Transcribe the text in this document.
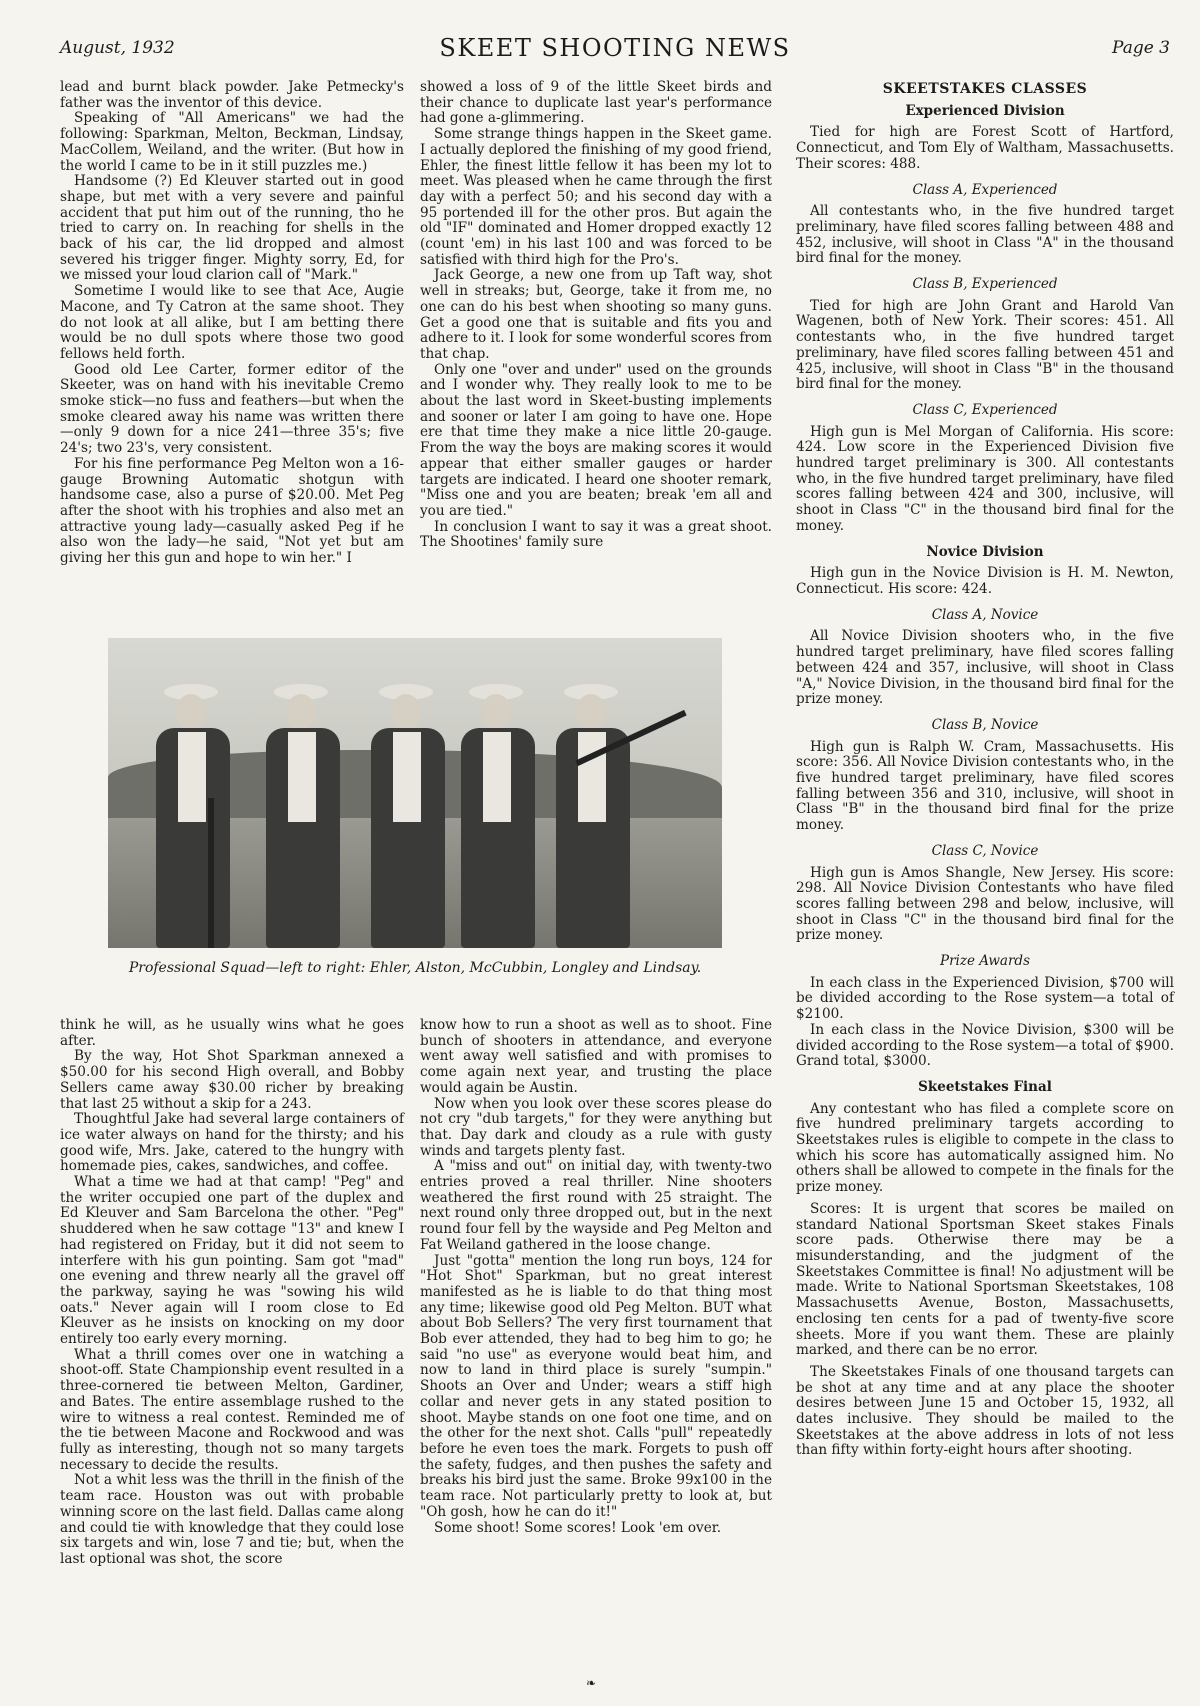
August, 1932	SKEET SHOOTING NEWS	Page 3

lead and burnt black powder. Jake Petmecky's father was the inventor of this device.

Speaking of "All Americans" we had the following: Sparkman, Melton, Beckman, Lindsay, MacCollem, Weiland, and the writer. (But how in the world I came to be in it still puzzles me.)

Handsome (?) Ed Kleuver started out in good shape, but met with a very severe and painful accident that put him out of the running, tho he tried to carry on. In reaching for shells in the back of his car, the lid dropped and almost severed his trigger finger. Mighty sorry, Ed, for we missed your loud clarion call of "Mark."

Sometime I would like to see that Ace, Augie Macone, and Ty Catron at the same shoot. They do not look at all alike, but I am betting there would be no dull spots where those two good fellows held forth.

Good old Lee Carter, former editor of the Skeeter, was on hand with his inevitable Cremo smoke stick—no fuss and feathers—but when the smoke cleared away his name was written there—only 9 down for a nice 241—three 35's; five 24's; two 23's, very consistent.

For his fine performance Peg Melton won a 16-gauge Browning Automatic shotgun with handsome case, also a purse of $20.00. Met Peg after the shoot with his trophies and also met an attractive young lady—casually asked Peg if he also won the lady—he said, "Not yet but am giving her this gun and hope to win her." I

showed a loss of 9 of the little Skeet birds and their chance to duplicate last year's performance had gone a-glimmering.

Some strange things happen in the Skeet game. I actually deplored the finishing of my good friend, Ehler, the finest little fellow it has been my lot to meet. Was pleased when he came through the first day with a perfect 50; and his second day with a 95 portended ill for the other pros. But again the old "IF" dominated and Homer dropped exactly 12 (count 'em) in his last 100 and was forced to be satisfied with third high for the Pro's.

Jack George, a new one from up Taft way, shot well in streaks; but, George, take it from me, no one can do his best when shooting so many guns. Get a good one that is suitable and fits you and adhere to it. I look for some wonderful scores from that chap.

Only one "over and under" used on the grounds and I wonder why. They really look to me to be about the last word in Skeet-busting implements and sooner or later I am going to have one. Hope ere that time they make a nice little 20-gauge. From the way the boys are making scores it would appear that either smaller gauges or harder targets are indicated. I heard one shooter remark, "Miss one and you are beaten; break 'em all and you are tied."

In conclusion I want to say it was a great shoot. The Shootines' family sure

Professional Squad—left to right: Ehler, Alston, McCubbin, Longley and Lindsay.

think he will, as he usually wins what he goes after.

By the way, Hot Shot Sparkman annexed a $50.00 for his second High overall, and Bobby Sellers came away $30.00 richer by breaking that last 25 without a skip for a 243.

Thoughtful Jake had several large containers of ice water always on hand for the thirsty; and his good wife, Mrs. Jake, catered to the hungry with homemade pies, cakes, sandwiches, and coffee.

What a time we had at that camp! "Peg" and the writer occupied one part of the duplex and Ed Kleuver and Sam Barcelona the other. "Peg" shuddered when he saw cottage "13" and knew I had registered on Friday, but it did not seem to interfere with his gun pointing. Sam got "mad" one evening and threw nearly all the gravel off the parkway, saying he was "sowing his wild oats." Never again will I room close to Ed Kleuver as he insists on knocking on my door entirely too early every morning.

What a thrill comes over one in watching a shoot-off. State Championship event resulted in a three-cornered tie between Melton, Gardiner, and Bates. The entire assemblage rushed to the wire to witness a real contest. Reminded me of the tie between Macone and Rockwood and was fully as interesting, though not so many targets necessary to decide the results.

Not a whit less was the thrill in the finish of the team race. Houston was out with probable winning score on the last field. Dallas came along and could tie with knowledge that they could lose six targets and win, lose 7 and tie; but, when the last optional was shot, the score

know how to run a shoot as well as to shoot. Fine bunch of shooters in attendance, and everyone went away well satisfied and with promises to come again next year, and trusting the place would again be Austin.

Now when you look over these scores please do not cry "dub targets," for they were anything but that. Day dark and cloudy as a rule with gusty winds and targets plenty fast.

A "miss and out" on initial day, with twenty-two entries proved a real thriller. Nine shooters weathered the first round with 25 straight. The next round only three dropped out, but in the next round four fell by the wayside and Peg Melton and Fat Weiland gathered in the loose change.

Just "gotta" mention the long run boys, 124 for "Hot Shot" Sparkman, but no great interest manifested as he is liable to do that thing most any time; likewise good old Peg Melton. BUT what about Bob Sellers? The very first tournament that Bob ever attended, they had to beg him to go; he said "no use" as everyone would beat him, and now to land in third place is surely "sumpin." Shoots an Over and Under; wears a stiff high collar and never gets in any stated position to shoot. Maybe stands on one foot one time, and on the other for the next shot. Calls "pull" repeatedly before he even toes the mark. Forgets to push off the safety, fudges, and then pushes the safety and breaks his bird just the same. Broke 99x100 in the team race. Not particularly pretty to look at, but "Oh gosh, how he can do it!"

Some shoot! Some scores! Look 'em over.

SKEETSTAKES CLASSES
Experienced Division

Tied for high are Forest Scott of Hartford, Connecticut, and Tom Ely of Waltham, Massachusetts. Their scores: 488.

Class A, Experienced

All contestants who, in the five hundred target preliminary, have filed scores falling between 488 and 452, inclusive, will shoot in Class "A" in the thousand bird final for the money.

Class B, Experienced

Tied for high are John Grant and Harold Van Wagenen, both of New York. Their scores: 451. All contestants who, in the five hundred target preliminary, have filed scores falling between 451 and 425, inclusive, will shoot in Class "B" in the thousand bird final for the money.

Class C, Experienced

High gun is Mel Morgan of California. His score: 424. Low score in the Experienced Division five hundred target preliminary is 300. All contestants who, in the five hundred target preliminary, have filed scores falling between 424 and 300, inclusive, will shoot in Class "C" in the thousand bird final for the money.

Novice Division

High gun in the Novice Division is H. M. Newton, Connecticut. His score: 424.

Class A, Novice

All Novice Division shooters who, in the five hundred target preliminary, have filed scores falling between 424 and 357, inclusive, will shoot in Class "A," Novice Division, in the thousand bird final for the prize money.

Class B, Novice

High gun is Ralph W. Cram, Massachusetts. His score: 356. All Novice Division contestants who, in the five hundred target preliminary, have filed scores falling between 356 and 310, inclusive, will shoot in Class "B" in the thousand bird final for the prize money.

Class C, Novice

High gun is Amos Shangle, New Jersey. His score: 298. All Novice Division Contestants who have filed scores falling between 298 and below, inclusive, will shoot in Class "C" in the thousand bird final for the prize money.

Prize Awards

In each class in the Experienced Division, $700 will be divided according to the Rose system—a total of $2100.

In each class in the Novice Division, $300 will be divided according to the Rose system—a total of $900. Grand total, $3000.

Skeetstakes Final

Any contestant who has filed a complete score on five hundred preliminary targets according to Skeetstakes rules is eligible to compete in the class to which his score has automatically assigned him. No others shall be allowed to compete in the finals for the prize money.

Scores: It is urgent that scores be mailed on standard National Sportsman Skeet stakes Finals score pads. Otherwise there may be a misunderstanding, and the judgment of the Skeetstakes Committee is final! No adjustment will be made. Write to National Sportsman Skeetstakes, 108 Massachusetts Avenue, Boston, Massachusetts, enclosing ten cents for a pad of twenty-five score sheets. More if you want them. These are plainly marked, and there can be no error.

The Skeetstakes Finals of one thousand targets can be shot at any time and at any place the shooter desires between June 15 and October 15, 1932, all dates inclusive. They should be mailed to the Skeetstakes at the above address in lots of not less than fifty within forty-eight hours after shooting.

❧
